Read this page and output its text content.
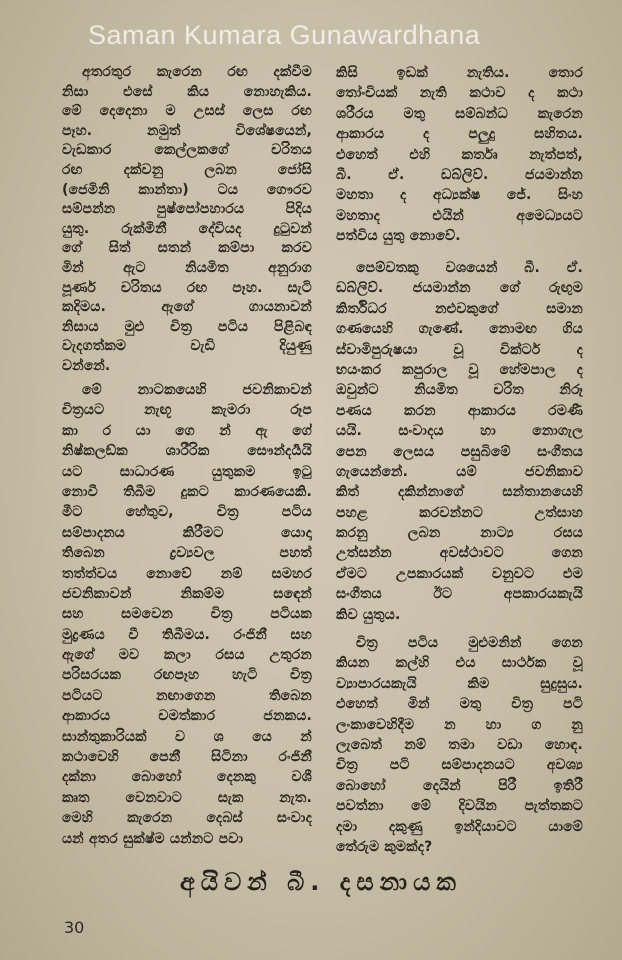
Saman Kumara Gunawardhana
අතරතුර කැරෙන රඟ දක්වීම
නිසා එසේ කිය නොහැකිය.
මේ දෙදෙනා ම උසස් ලෙස රඟ
පෑහ. නමුත් විශේෂයෙන්,
වැඩකාර කෙල්ලකගේ චරිතය
රඟ දක්වනු ලබන ජෝසි
(ජෙමිනි කාන්තා) ටය ගෞරව
සම්පන්න පුෂ්පෝපහාරය පිදිය
යුතු. රුක්මිනී දේවියද දුටුවන්
ගේ සිත් සතන් කම්පා කරව
මින් ඇට නියමිත අනුරාග
පූර්ණ චරිතය රඟ පෑහ. සැටි
කදිමය. ඇගේ ගායනාවන්
නිසාය මුළු චිත්‍ර පටිය පිළිබඳ
වැදගත්කම වැඩි දියුණු
වන්නේ.
මේ නාටකයෙහි ජවනිකාවන්
චිත්‍රයට නැඟූ කැමරා රූප
කා ර යා ගෙ න් ඇ ගේ
නිෂ්කලඞ්ක ශාරීරික සෞන්දර්‍යයි
යට සාධාරණ යුතුකම ඉටු
නොවී තිබීම දුකට කාරණයෙකි.
මීට හේතුව, චිත්‍ර පටිය
සම්පාදනය කිරීමට යොදා
තිබෙන ද්‍රව්‍යවල පහත්
තත්ත්වය නොවේ නම් සමහර
ජවනිකාවන් නිකම්ම සඳෙන්
සහ සමවෙන චිත්‍ර පටියක
මුද්‍රණය වී තිබීමය. රංජිනී සහ
ඇගේ මව කලා රසය උතුරන
පරිසරයක රඟපෑහ හැටි චිත්‍ර
පටියට නඟාගෙන තිබෙන
ආකාරය චමත්කාර ජනකය.
සාන්තුකාරියක් ව ශ යෙ න්
කථාවෙහි පෙනී සිටිනා රංජිනී
දක්නා බොහෝ දෙනකු වශී
කෘත වෙනවාට සැක නැත.
මෙහි කැරෙන දෙබස් සංවාද
යන් අතර සුක්ෂ්ම යන්නට පවා
කිසි ඉඩක් නැතිය. තොර
තෝංචියක් නැති කථාව ද කථා
ශරීරය මතු සම්බන්ධ කැරෙන
ආකාරය ද පලුදු සහිතය.
එහෙත් එහි කර්තෘ නැත්පත්,
බී. ඒ. ඩබ්ලිව්. ජයමාන්න
මහතා ද අධ්‍යක්ෂ ජේ. සිංහ
මහතාද එයින් අමෙධ්‍යයට
පත්විය යුතු නොවේ.
පෙම්වතකු වශයෙන් බී. ඒ.
ඩබ්ලිව්. ජයමාන්න ගේ රුඟුම
කිර්තිධර නළුවකුගේ සමාන
ගණයෙහි ගැණේ. නොමඟ ගිය
ස්වාමිපුරුෂයා වූ වික්ටර් ද
භයංකර කපුරාල වූ හේමපාල ද
ඔවුන්ට නියමිත චරිත නිරූ
පණය කරන ආකාරය රමණී
යයි. සංවාදය හා නොගැල
පෙන ලෙසය පසුබිමේ සංගීතය
ගැයෙන්නේ. යම් ජවනිකාව
කිත් දකින්නාගේ සන්තානයෙහි
පහළ කරවන්නට උත්සාහ
කරනු ලබන නාට්‍ය රසය
උත්සන්න අවස්ථාවට ගෙන
ඒමට උපකාරයක් වනුවට එම
සංගීතය ඊට අපකාරයකැයි
කිව යුතුය.
චිත්‍ර පටිය මුළුමනින් ගෙන
කියන කල්හි එය සාර්ථක වූ
ව්‍යාපාරයකැයි කිම සුදුසුය.
එහෙත් මින් මතු චිත්‍ර පටි
ලංකාවෙහිදීම න හා ග නු
ලැබෙත් නම් තමා වඩා හොඳ.
චිත්‍ර පටි සම්පාදනයට අවශ්‍ය
බොහෝ දෙයින් පිරී ඉතිරී
පවත්නා මේ දිවයින පැත්තකට
දමා දකුණු ඉන්දියාවට යාමේ
තේරුම කුමක්ද?
අයිවන් බී. දසනායක
30
